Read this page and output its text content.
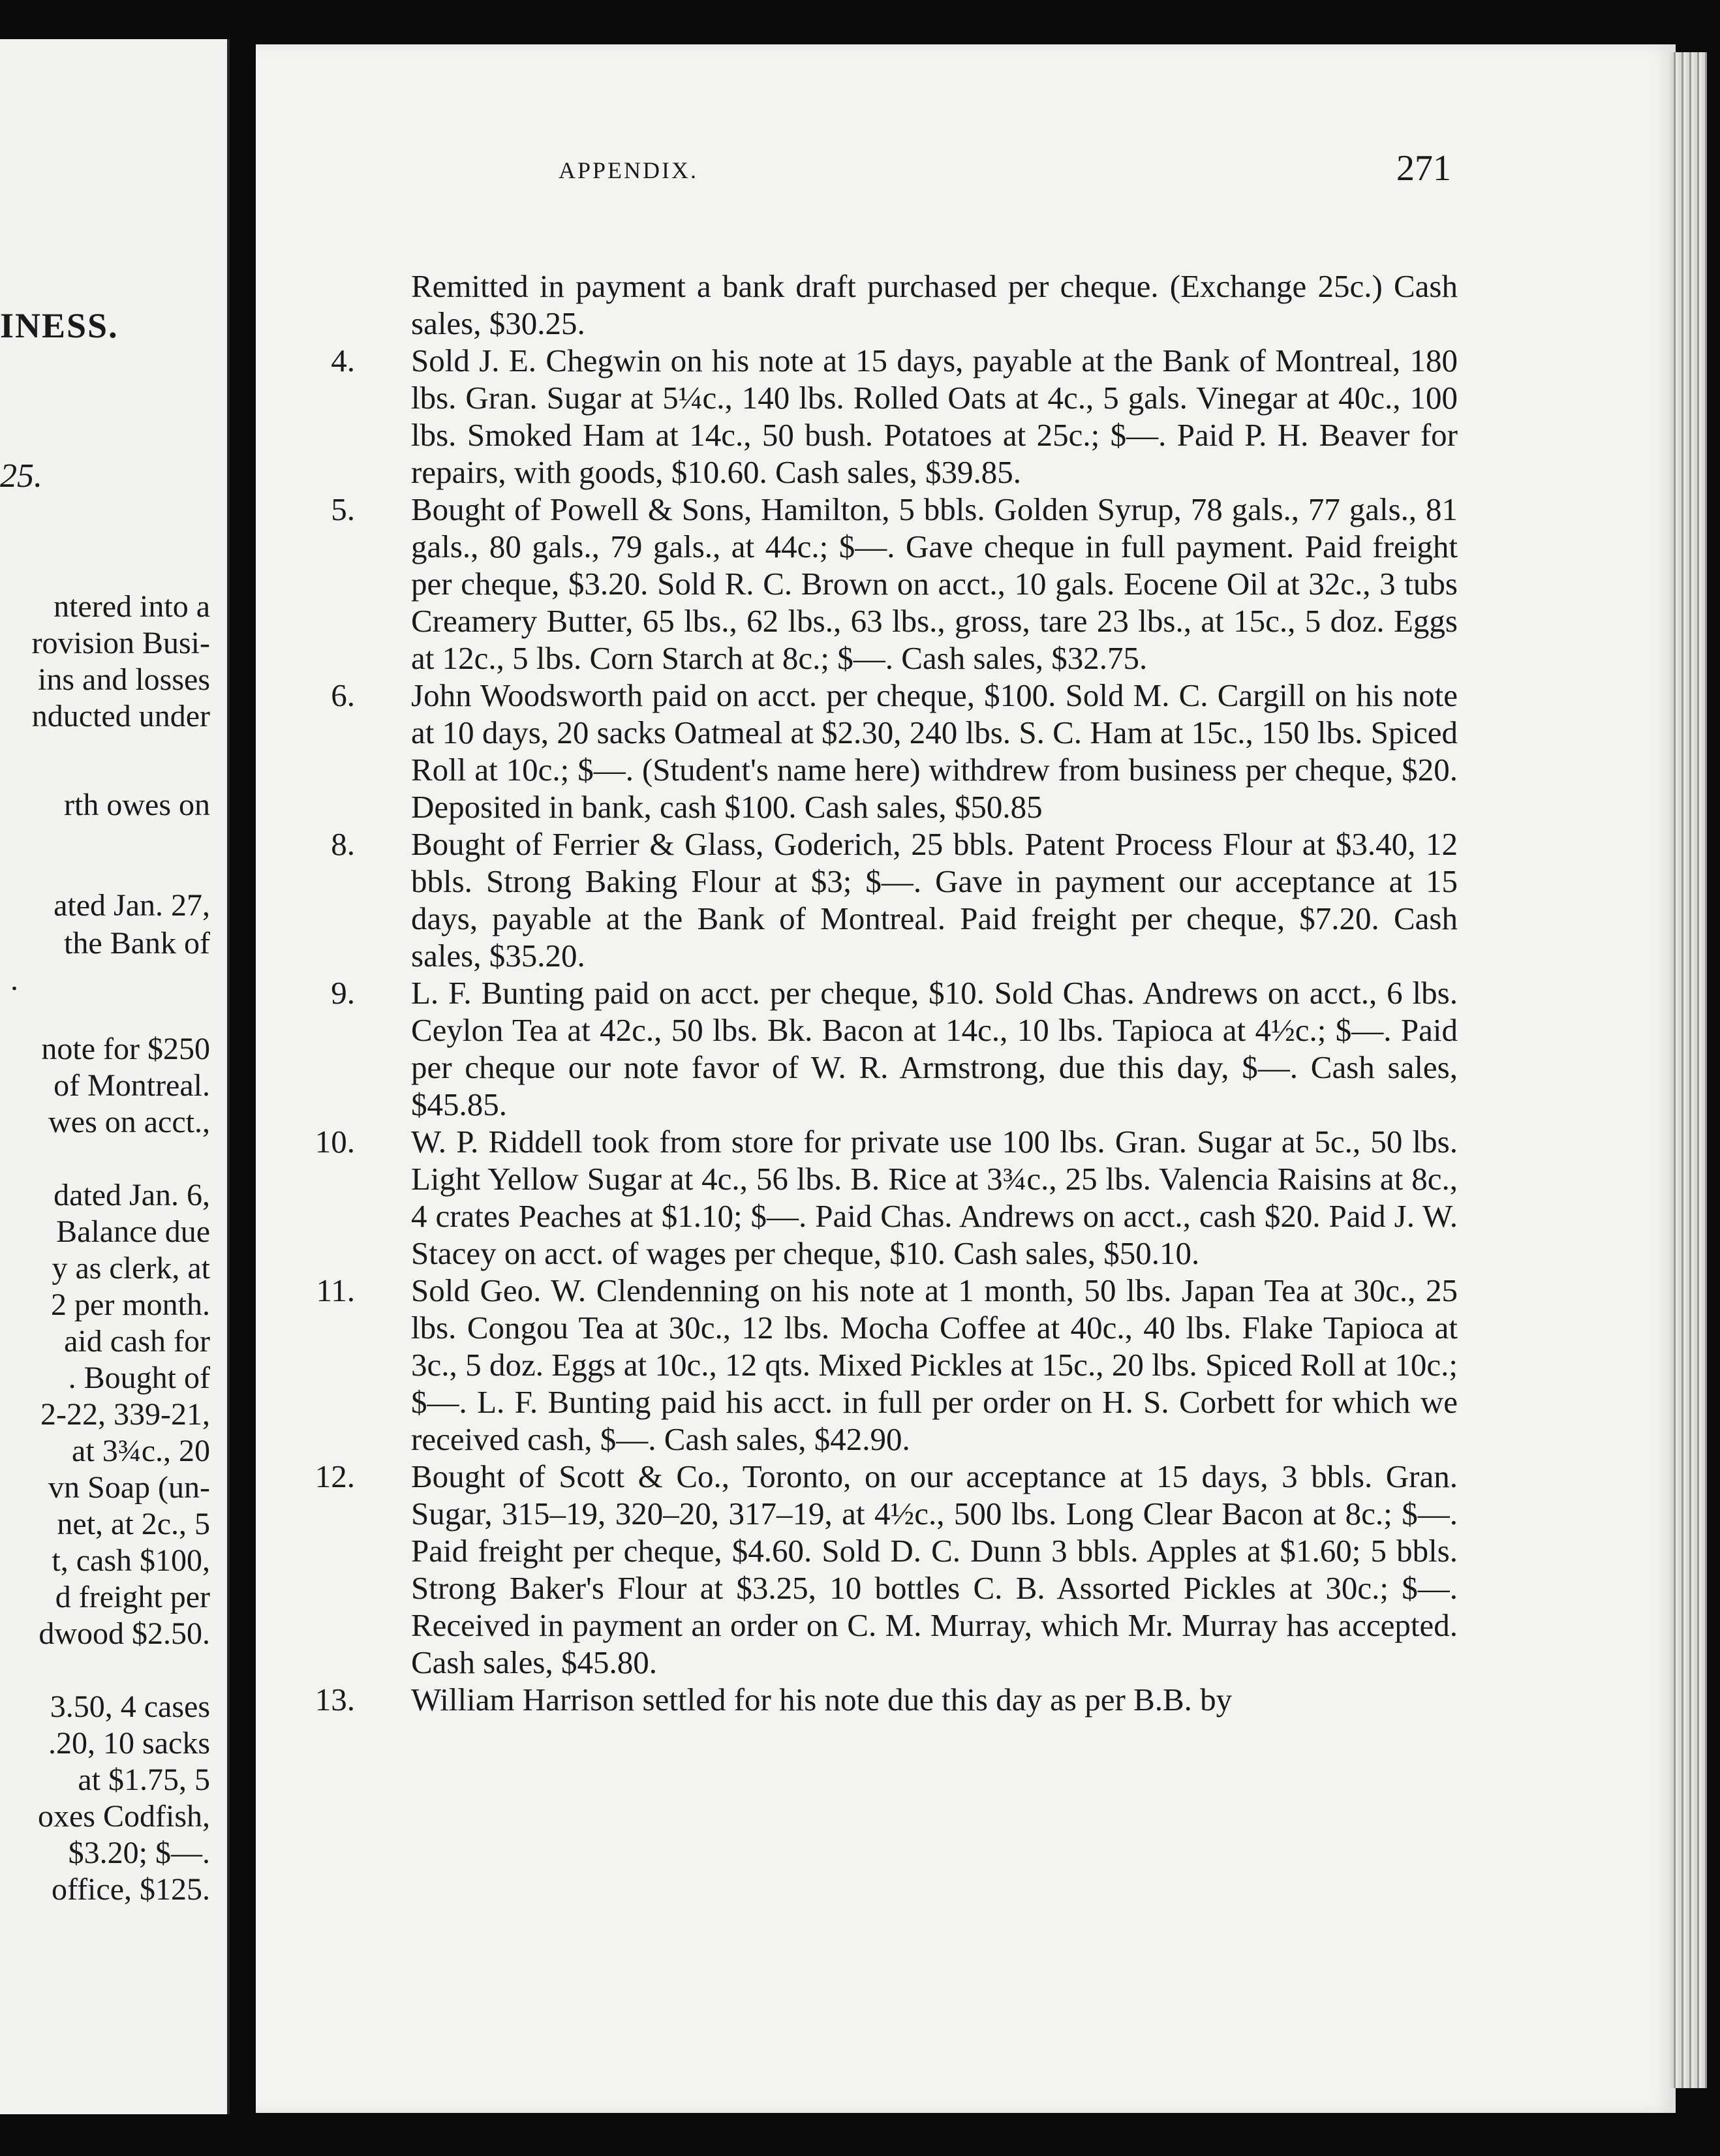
INESS.
25.
ntered into a
rovision Busi-
ins and losses
nducted under
rth owes on
ated Jan. 27,
the Bank of
.
note for $250
of Montreal.
wes on acct.,
dated Jan. 6,
Balance due
y as clerk, at
2 per month.
aid cash for
. Bought of
2-22, 339-21,
at 3¾c., 20
vn Soap (un-
net, at 2c., 5
t, cash $100,
d freight per
dwood $2.50.
3.50, 4 cases
.20, 10 sacks
at $1.75, 5
oxes Codfish,
$3.20; $—.
office, $125.
APPENDIX.	271
Remitted in payment a bank draft purchased per cheque. (Exchange 25c.) Cash sales, $30.25.
4. Sold J. E. Chegwin on his note at 15 days, payable at the Bank of Montreal, 180 lbs. Gran. Sugar at 5¼c., 140 lbs. Rolled Oats at 4c., 5 gals. Vinegar at 40c., 100 lbs. Smoked Ham at 14c., 50 bush. Potatoes at 25c.; $—. Paid P. H. Beaver for repairs, with goods, $10.60. Cash sales, $39.85.
5. Bought of Powell & Sons, Hamilton, 5 bbls. Golden Syrup, 78 gals., 77 gals., 81 gals., 80 gals., 79 gals., at 44c.; $—. Gave cheque in full payment. Paid freight per cheque, $3.20. Sold R. C. Brown on acct., 10 gals. Eocene Oil at 32c., 3 tubs Creamery Butter, 65 lbs., 62 lbs., 63 lbs., gross, tare 23 lbs., at 15c., 5 doz. Eggs at 12c., 5 lbs. Corn Starch at 8c.; $—. Cash sales, $32.75.
6. John Woodsworth paid on acct. per cheque, $100. Sold M. C. Cargill on his note at 10 days, 20 sacks Oatmeal at $2.30, 240 lbs. S. C. Ham at 15c., 150 lbs. Spiced Roll at 10c.; $—. (Student's name here) withdrew from business per cheque, $20. Deposited in bank, cash $100. Cash sales, $50.85
8. Bought of Ferrier & Glass, Goderich, 25 bbls. Patent Process Flour at $3.40, 12 bbls. Strong Baking Flour at $3; $—. Gave in payment our acceptance at 15 days, payable at the Bank of Montreal. Paid freight per cheque, $7.20. Cash sales, $35.20.
9. L. F. Bunting paid on acct. per cheque, $10. Sold Chas. Andrews on acct., 6 lbs. Ceylon Tea at 42c., 50 lbs. Bk. Bacon at 14c., 10 lbs. Tapioca at 4½c.; $—. Paid per cheque our note favor of W. R. Armstrong, due this day, $—. Cash sales, $45.85.
10. W. P. Riddell took from store for private use 100 lbs. Gran. Sugar at 5c., 50 lbs. Light Yellow Sugar at 4c., 56 lbs. B. Rice at 3¾c., 25 lbs. Valencia Raisins at 8c., 4 crates Peaches at $1.10; $—. Paid Chas. Andrews on acct., cash $20. Paid J. W. Stacey on acct. of wages per cheque, $10. Cash sales, $50.10.
11. Sold Geo. W. Clendenning on his note at 1 month, 50 lbs. Japan Tea at 30c., 25 lbs. Congou Tea at 30c., 12 lbs. Mocha Coffee at 40c., 40 lbs. Flake Tapioca at 3c., 5 doz. Eggs at 10c., 12 qts. Mixed Pickles at 15c., 20 lbs. Spiced Roll at 10c.; $—. L. F. Bunting paid his acct. in full per order on H. S. Corbett for which we received cash, $—. Cash sales, $42.90.
12. Bought of Scott & Co., Toronto, on our acceptance at 15 days, 3 bbls. Gran. Sugar, 315–19, 320–20, 317–19, at 4½c., 500 lbs. Long Clear Bacon at 8c.; $—. Paid freight per cheque, $4.60. Sold D. C. Dunn 3 bbls. Apples at $1.60; 5 bbls. Strong Baker's Flour at $3.25, 10 bottles C. B. Assorted Pickles at 30c.; $—. Received in payment an order on C. M. Murray, which Mr. Murray has accepted. Cash sales, $45.80.
13. William Harrison settled for his note due this day as per B.B. by
